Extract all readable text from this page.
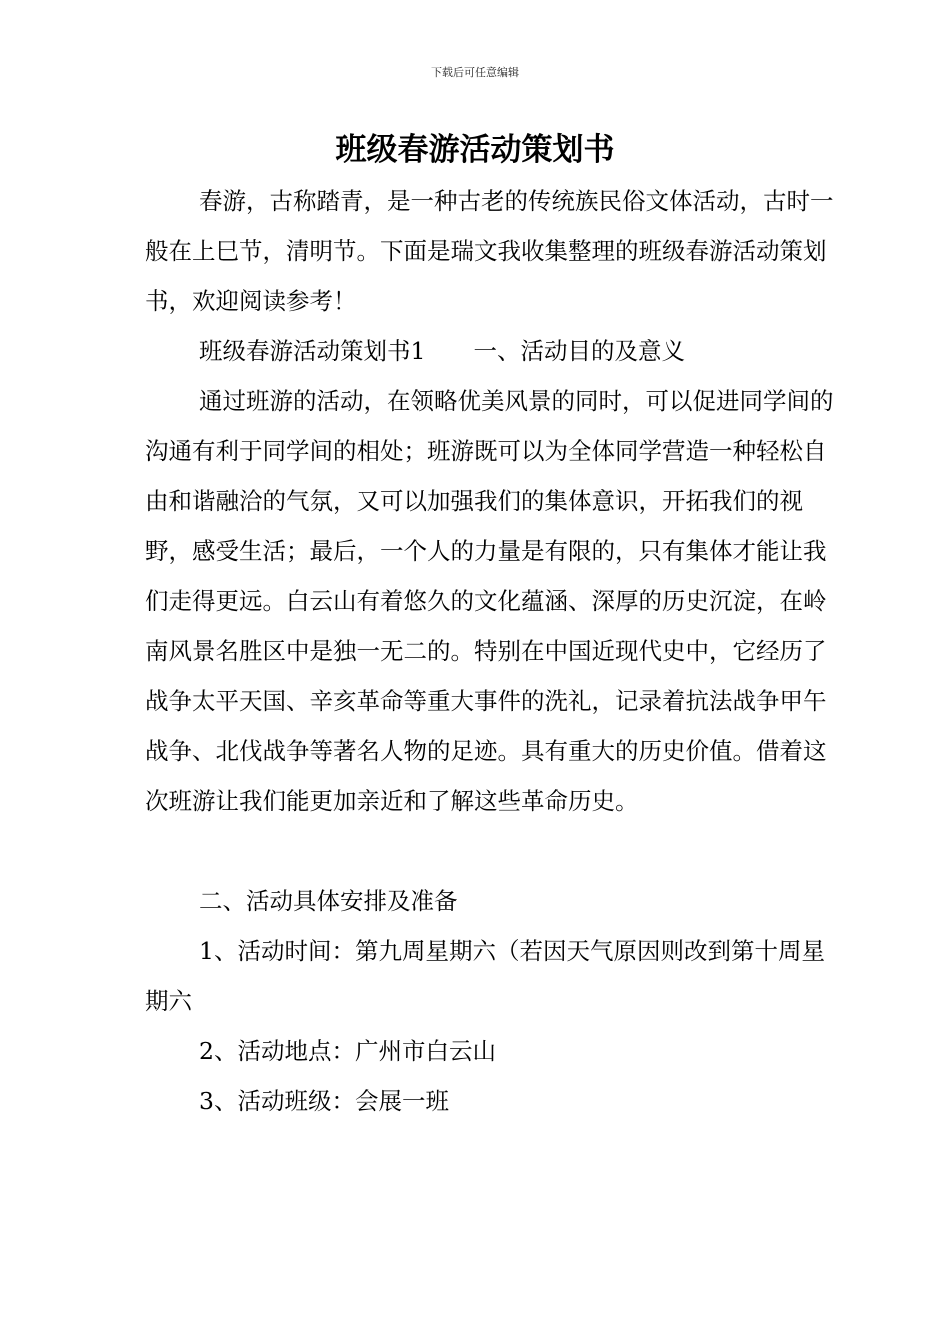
下载后可任意编辑
班级春游活动策划书

春游，古称踏青，是一种古老的传统族民俗文体活动，古时一般在上巳节，清明节。下面是瑞文我收集整理的班级春游活动策划书，欢迎阅读参考！

班级春游活动策划书1 一、活动目的及意义

通过班游的活动，在领略优美风景的同时，可以促进同学间的沟通有利于同学间的相处；班游既可以为全体同学营造一种轻松自由和谐融洽的气氛，又可以加强我们的集体意识，开拓我们的视野，感受生活；最后，一个人的力量是有限的，只有集体才能让我们走得更远。白云山有着悠久的文化蕴涵、深厚的历史沉淀，在岭南风景名胜区中是独一无二的。特别在中国近现代史中，它经历了战争太平天国、辛亥革命等重大事件的洗礼，记录着抗法战争甲午战争、北伐战争等著名人物的足迹。具有重大的历史价值。借着这次班游让我们能更加亲近和了解这些革命历史。

二、活动具体安排及准备

1、活动时间：第九周星期六（若因天气原因则改到第十周星期六

2、活动地点：广州市白云山

3、活动班级：会展一班
